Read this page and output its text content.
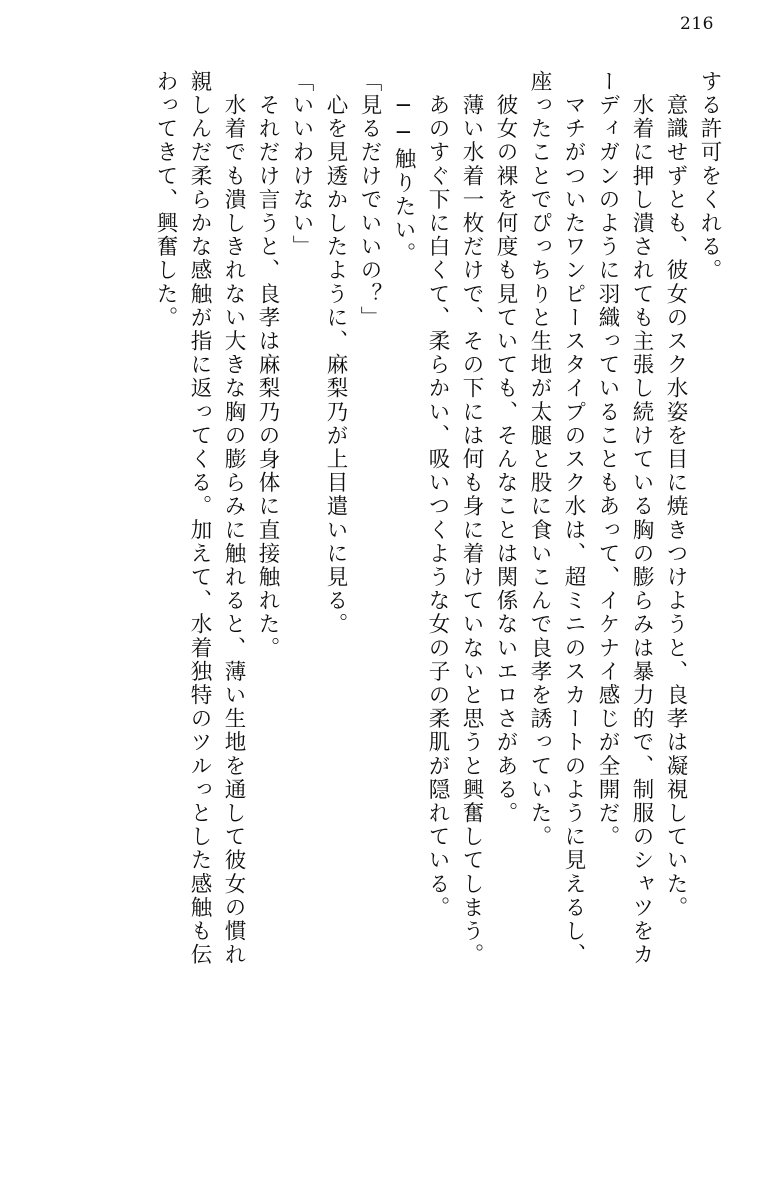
216
する許可をくれる。
　意識せずとも、彼女のスク水姿を目に焼きつけようと、良孝は凝視していた。
　水着に押し潰されても主張し続けている胸の膨らみは暴力的で、制服のシャツをカ
ーディガンのように羽織っていることもあって、イケナイ感じが全開だ。
　マチがついたワンピースタイプのスク水は、超ミニのスカートのように見えるし、
座ったことでぴっちりと生地が太腿と股に食いこんで良孝を誘っていた。
　彼女の裸を何度も見ていても、そんなことは関係ないエロさがある。
　薄い水着一枚だけで、その下には何も身に着けていないと思うと興奮してしまう。
　あのすぐ下に白くて、柔らかい、吸いつくような女の子の柔肌が隠れている。
　──触りたい。
「見るだけでいいの？」
　心を見透かしたように、麻梨乃が上目遣いに見る。
「いいわけない」
　それだけ言うと、良孝は麻梨乃の身体に直接触れた。
　水着でも潰しきれない大きな胸の膨らみに触れると、薄い生地を通して彼女の慣れ
親しんだ柔らかな感触が指に返ってくる。加えて、水着独特のツルっとした感触も伝
わってきて、興奮した。
